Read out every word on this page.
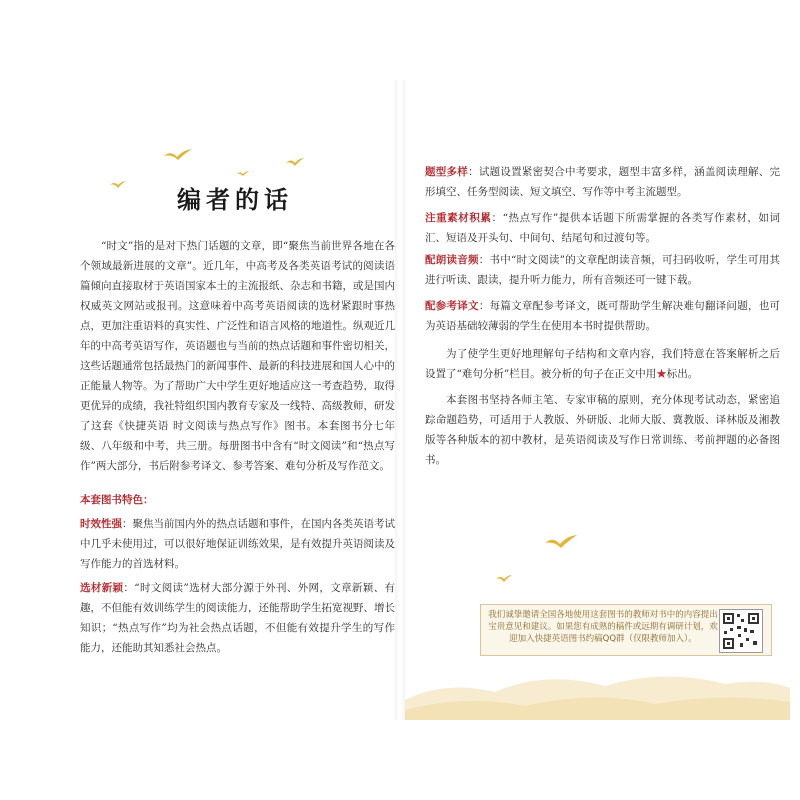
编者的话

“时文”指的是对下热门话题的文章，即“聚焦当前世界各地在各个领域最新进展的文章”。近几年，中高考及各类英语考试的阅读语篇倾向直接取材于英语国家本土的主流报纸、杂志和书籍，或是国内权威英文网站或报刊。这意味着中高考英语阅读的选材紧跟时事热点，更加注重语料的真实性、广泛性和语言风格的地道性。纵观近几年的中高考英语写作，英语题也与当前的热点话题和事件密切相关，这些话题通常包括最热门的新闻事件、最新的科技进展和国人心中的正能量人物等。为了帮助广大中学生更好地适应这一考查趋势，取得更优异的成绩，我社特组织国内教育专家及一线特、高级教师，研发了这套《快捷英语 时文阅读与热点写作》图书。本套图书分七年级、八年级和中考，共三册。每册图书中含有“时文阅读”和“热点写作”两大部分，书后附参考译文、参考答案、难句分析及写作范文。

本套图书特色：

时效性强：聚焦当前国内外的热点话题和事件，在国内各类英语考试中几乎未使用过，可以很好地保证训练效果，是有效提升英语阅读及写作能力的首选材料。

选材新颖：“时文阅读”选材大部分源于外刊、外网，文章新颖、有趣，不但能有效训练学生的阅读能力，还能帮助学生拓宽视野、增长知识；“热点写作”均为社会热点话题，不但能有效提升学生的写作能力，还能助其知悉社会热点。

题型多样：试题设置紧密契合中考要求，题型丰富多样，涵盖阅读理解、完形填空、任务型阅读、短文填空、写作等中考主流题型。

注重素材积累：“热点写作”提供本话题下所需掌握的各类写作素材，如词汇、短语及开头句、中间句、结尾句和过渡句等。

配朗读音频：书中“时文阅读”的文章配朗读音频，可扫码收听，学生可用其进行听读、跟读，提升听力能力，所有音频还可一键下载。

配参考译文：每篇文章配参考译文，既可帮助学生解决难句翻译问题，也可为英语基础较薄弱的学生在使用本书时提供帮助。

为了使学生更好地理解句子结构和文章内容，我们特意在答案解析之后设置了“难句分析”栏目。被分析的句子在正文中用★标出。

本套图书坚持各师主笔、专家审稿的原则，充分体现考试动态，紧密追踪命题趋势，可适用于人教版、外研版、北师大版、冀教版、译林版及湘教版等各种版本的初中教材，是英语阅读及写作日常训练、考前押题的必备图书。

我们诚挚邀请全国各地使用这套图书的教师对书中的内容提出宝贵意见和建议。如果您有成熟的稿件或远期有调研计划，欢迎加入快捷英语图书约稿QQ群（仅限教师加入）。
